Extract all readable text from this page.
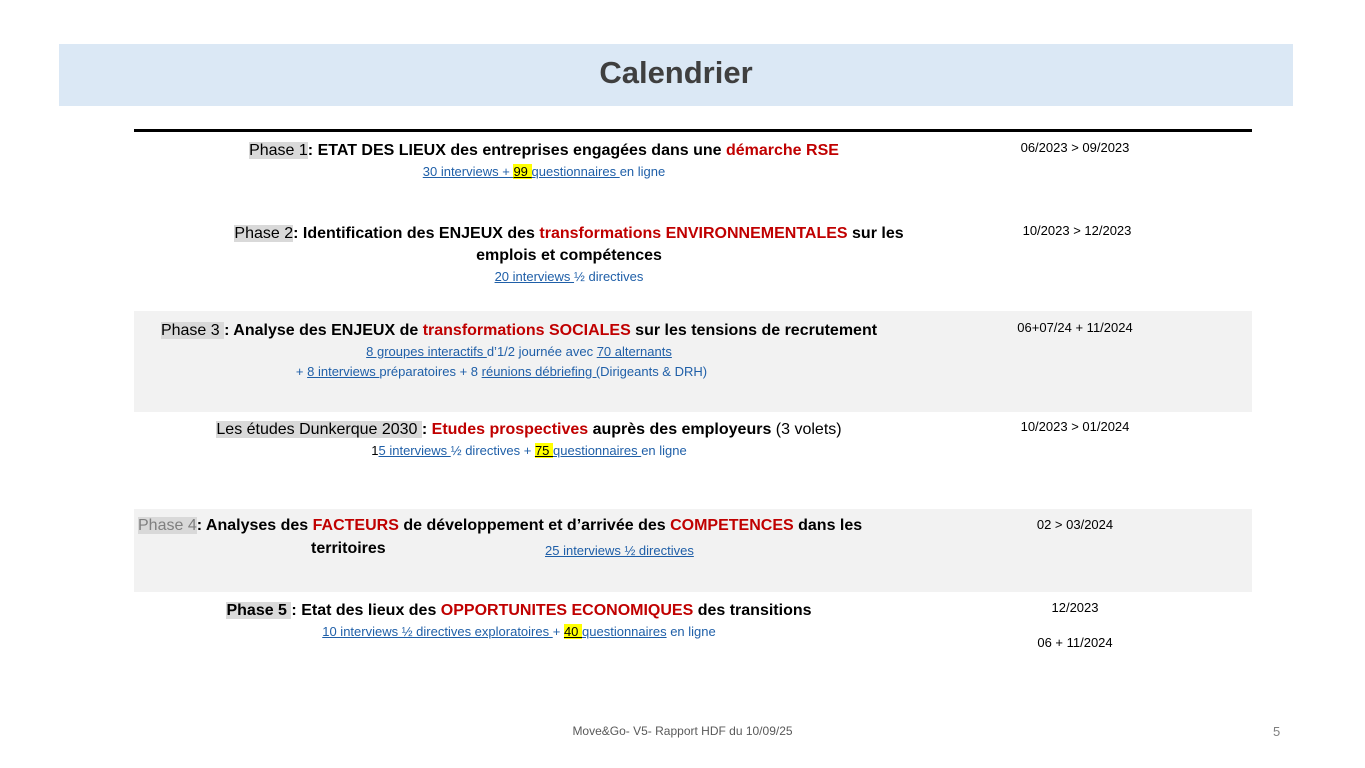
Calendrier
Phase 1: ETAT DES LIEUX des entreprises engagées dans une démarche RSE
30 interviews + 99 questionnaires en ligne
06/2023 > 09/2023
Phase 2: Identification des ENJEUX des transformations ENVIRONNEMENTALES sur les
emplois et compétences
20 interviews ½ directives
10/2023 > 12/2023
Phase 3 : Analyse des ENJEUX de transformations SOCIALES sur les tensions de recrutement
8 groupes interactifs d’1/2 journée avec 70 alternants
+ 8 interviews préparatoires + 8 réunions débriefing (Dirigeants & DRH)
06+07/24 + 11/2024
Les études Dunkerque 2030 : Etudes prospectives auprès des employeurs (3 volets)
15 interviews ½ directives + 75 questionnaires en ligne
10/2023 > 01/2024
Phase 4: Analyses des FACTEURS de développement et d’arrivée des COMPETENCES dans les
territoires	25 interviews ½ directives
02 > 03/2024
Phase 5 : Etat des lieux des OPPORTUNITES ECONOMIQUES des transitions
10 interviews ½ directives exploratoires + 40 questionnaires en ligne
12/2023
06 + 11/2024
Move&Go- V5- Rapport HDF du 10/09/25	5
